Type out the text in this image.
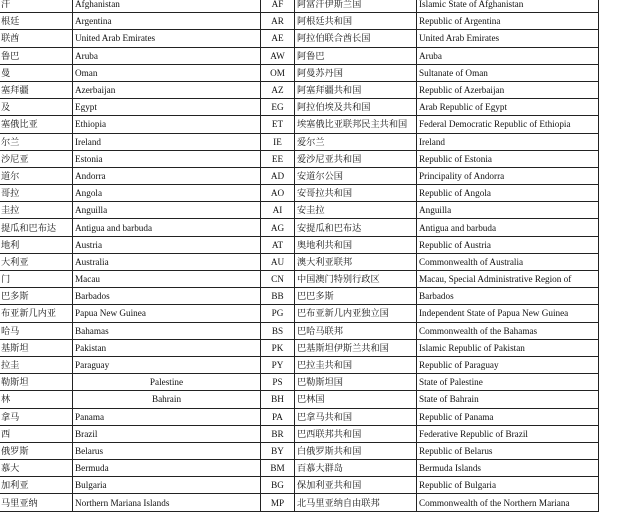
汗	Afghanistan	AF	阿富汗伊斯兰国	Islamic State of Afghanistan
根廷	Argentina	AR	阿根廷共和国	Republic of Argentina
联酋	United Arab Emirates	AE	阿拉伯联合酋长国	United Arab Emirates
鲁巴	Aruba	AW	阿鲁巴	Aruba
曼	Oman	OM	阿曼苏丹国	Sultanate of Oman
塞拜疆	Azerbaijan	AZ	阿塞拜疆共和国	Republic of Azerbaijan
及	Egypt	EG	阿拉伯埃及共和国	Arab Republic of Egypt
塞俄比亚	Ethiopia	ET	埃塞俄比亚联邦民主共和国	Federal Democratic Republic of Ethiopia
尔兰	Ireland	IE	爱尔兰	Ireland
沙尼亚	Estonia	EE	爱沙尼亚共和国	Republic of Estonia
道尔	Andorra	AD	安道尔公国	Principality of Andorra
哥拉	Angola	AO	安哥拉共和国	Republic of Angola
圭拉	Anguilla	AI	安圭拉	Anguilla
提瓜和巴布达	Antigua and barbuda	AG	安提瓜和巴布达	Antigua and barbuda
地利	Austria	AT	奥地利共和国	Republic of Austria
大利亚	Australia	AU	澳大利亚联邦	Commonwealth of Australia
门	Macau	CN	中国澳门特别行政区	Macau, Special Administrative Region of
巴多斯	Barbados	BB	巴巴多斯	Barbados
布亚新几内亚	Papua New Guinea	PG	巴布亚新几内亚独立国	Independent State of Papua New Guinea
哈马	Bahamas	BS	巴哈马联邦	Commonwealth of the Bahamas
基斯坦	Pakistan	PK	巴基斯坦伊斯兰共和国	Islamic Republic of Pakistan
拉圭	Paraguay	PY	巴拉圭共和国	Republic of Paraguay
勒斯坦	Palestine	PS	巴勒斯坦国	State of Palestine
林	Bahrain	BH	巴林国	State of Bahrain
拿马	Panama	PA	巴拿马共和国	Republic of Panama
西	Brazil	BR	巴西联邦共和国	Federative Republic of Brazil
俄罗斯	Belarus	BY	白俄罗斯共和国	Republic of Belarus
慕大	Bermuda	BM	百慕大群岛	Bermuda Islands
加利亚	Bulgaria	BG	保加利亚共和国	Republic of Bulgaria
马里亚纳	Northern Mariana Islands	MP	北马里亚纳自由联邦	Commonwealth of the Northern Mariana
